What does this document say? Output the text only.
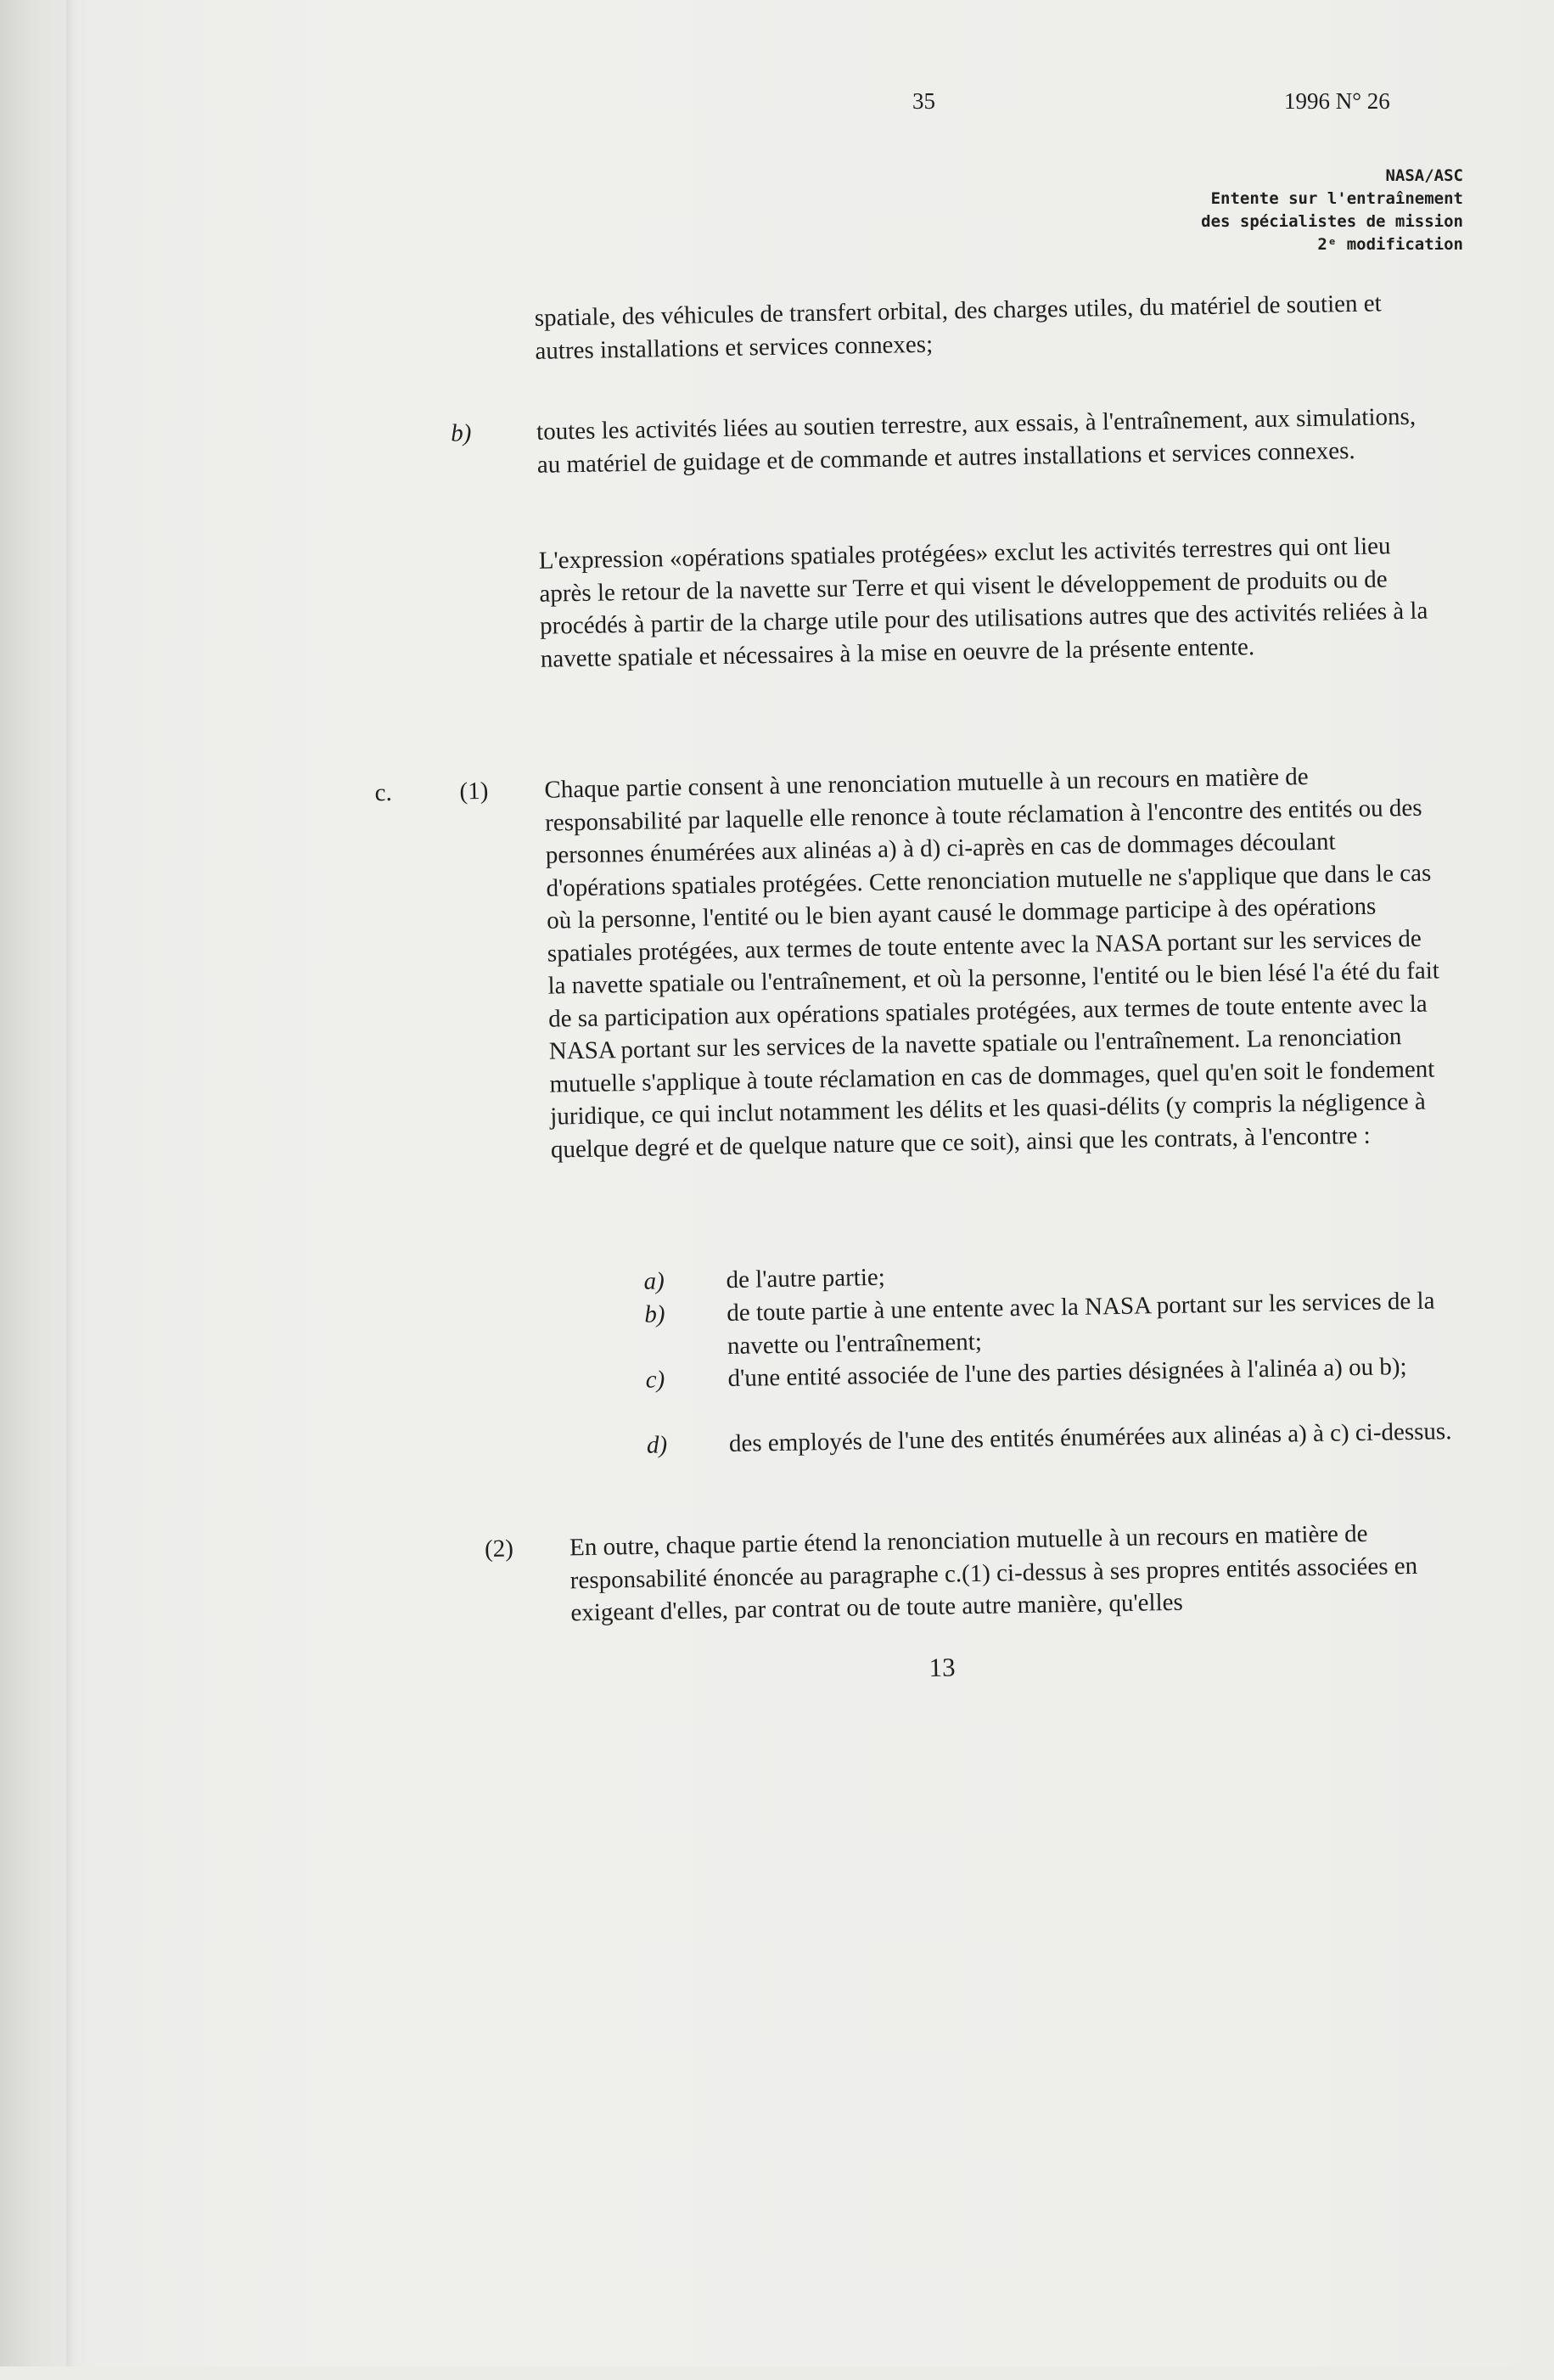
35	1996 N° 26
NASA/ASC
Entente sur l'entraînement
des spécialistes de mission
2ᵉ modification
spatiale, des véhicules de transfert orbital, des charges utiles, du matériel de soutien et autres installations et services connexes;
b)	toutes les activités liées au soutien terrestre, aux essais, à l'entraînement, aux simulations, au matériel de guidage et de commande et autres installations et services connexes.
L'expression «opérations spatiales protégées» exclut les activités terrestres qui ont lieu après le retour de la navette sur Terre et qui visent le développement de produits ou de procédés à partir de la charge utile pour des utilisations autres que des activités reliées à la navette spatiale et nécessaires à la mise en oeuvre de la présente entente.
c.	(1) Chaque partie consent à une renonciation mutuelle à un recours en matière de responsabilité par laquelle elle renonce à toute réclamation à l'encontre des entités ou des personnes énumérées aux alinéas a) à d) ci-après en cas de dommages découlant d'opérations spatiales protégées. Cette renonciation mutuelle ne s'applique que dans le cas où la personne, l'entité ou le bien ayant causé le dommage participe à des opérations spatiales protégées, aux termes de toute entente avec la NASA portant sur les services de la navette spatiale ou l'entraînement, et où la personne, l'entité ou le bien lésé l'a été du fait de sa participation aux opérations spatiales protégées, aux termes de toute entente avec la NASA portant sur les services de la navette spatiale ou l'entraînement. La renonciation mutuelle s'applique à toute réclamation en cas de dommages, quel qu'en soit le fondement juridique, ce qui inclut notamment les délits et les quasi-délits (y compris la négligence à quelque degré et de quelque nature que ce soit), ainsi que les contrats, à l'encontre :
a) de l'autre partie;
b) de toute partie à une entente avec la NASA portant sur les services de la navette ou l'entraînement;
c)	d'une entité associée de l'une des parties désignées à l'alinéa a) ou b);
d) des employés de l'une des entités énumérées aux alinéas a) à c) ci-dessus.
(2) En outre, chaque partie étend la renonciation mutuelle à un recours en matière de responsabilité énoncée au paragraphe c.(1) ci-dessus à ses propres entités associées en exigeant d'elles, par contrat ou de toute autre manière, qu'elles
13
